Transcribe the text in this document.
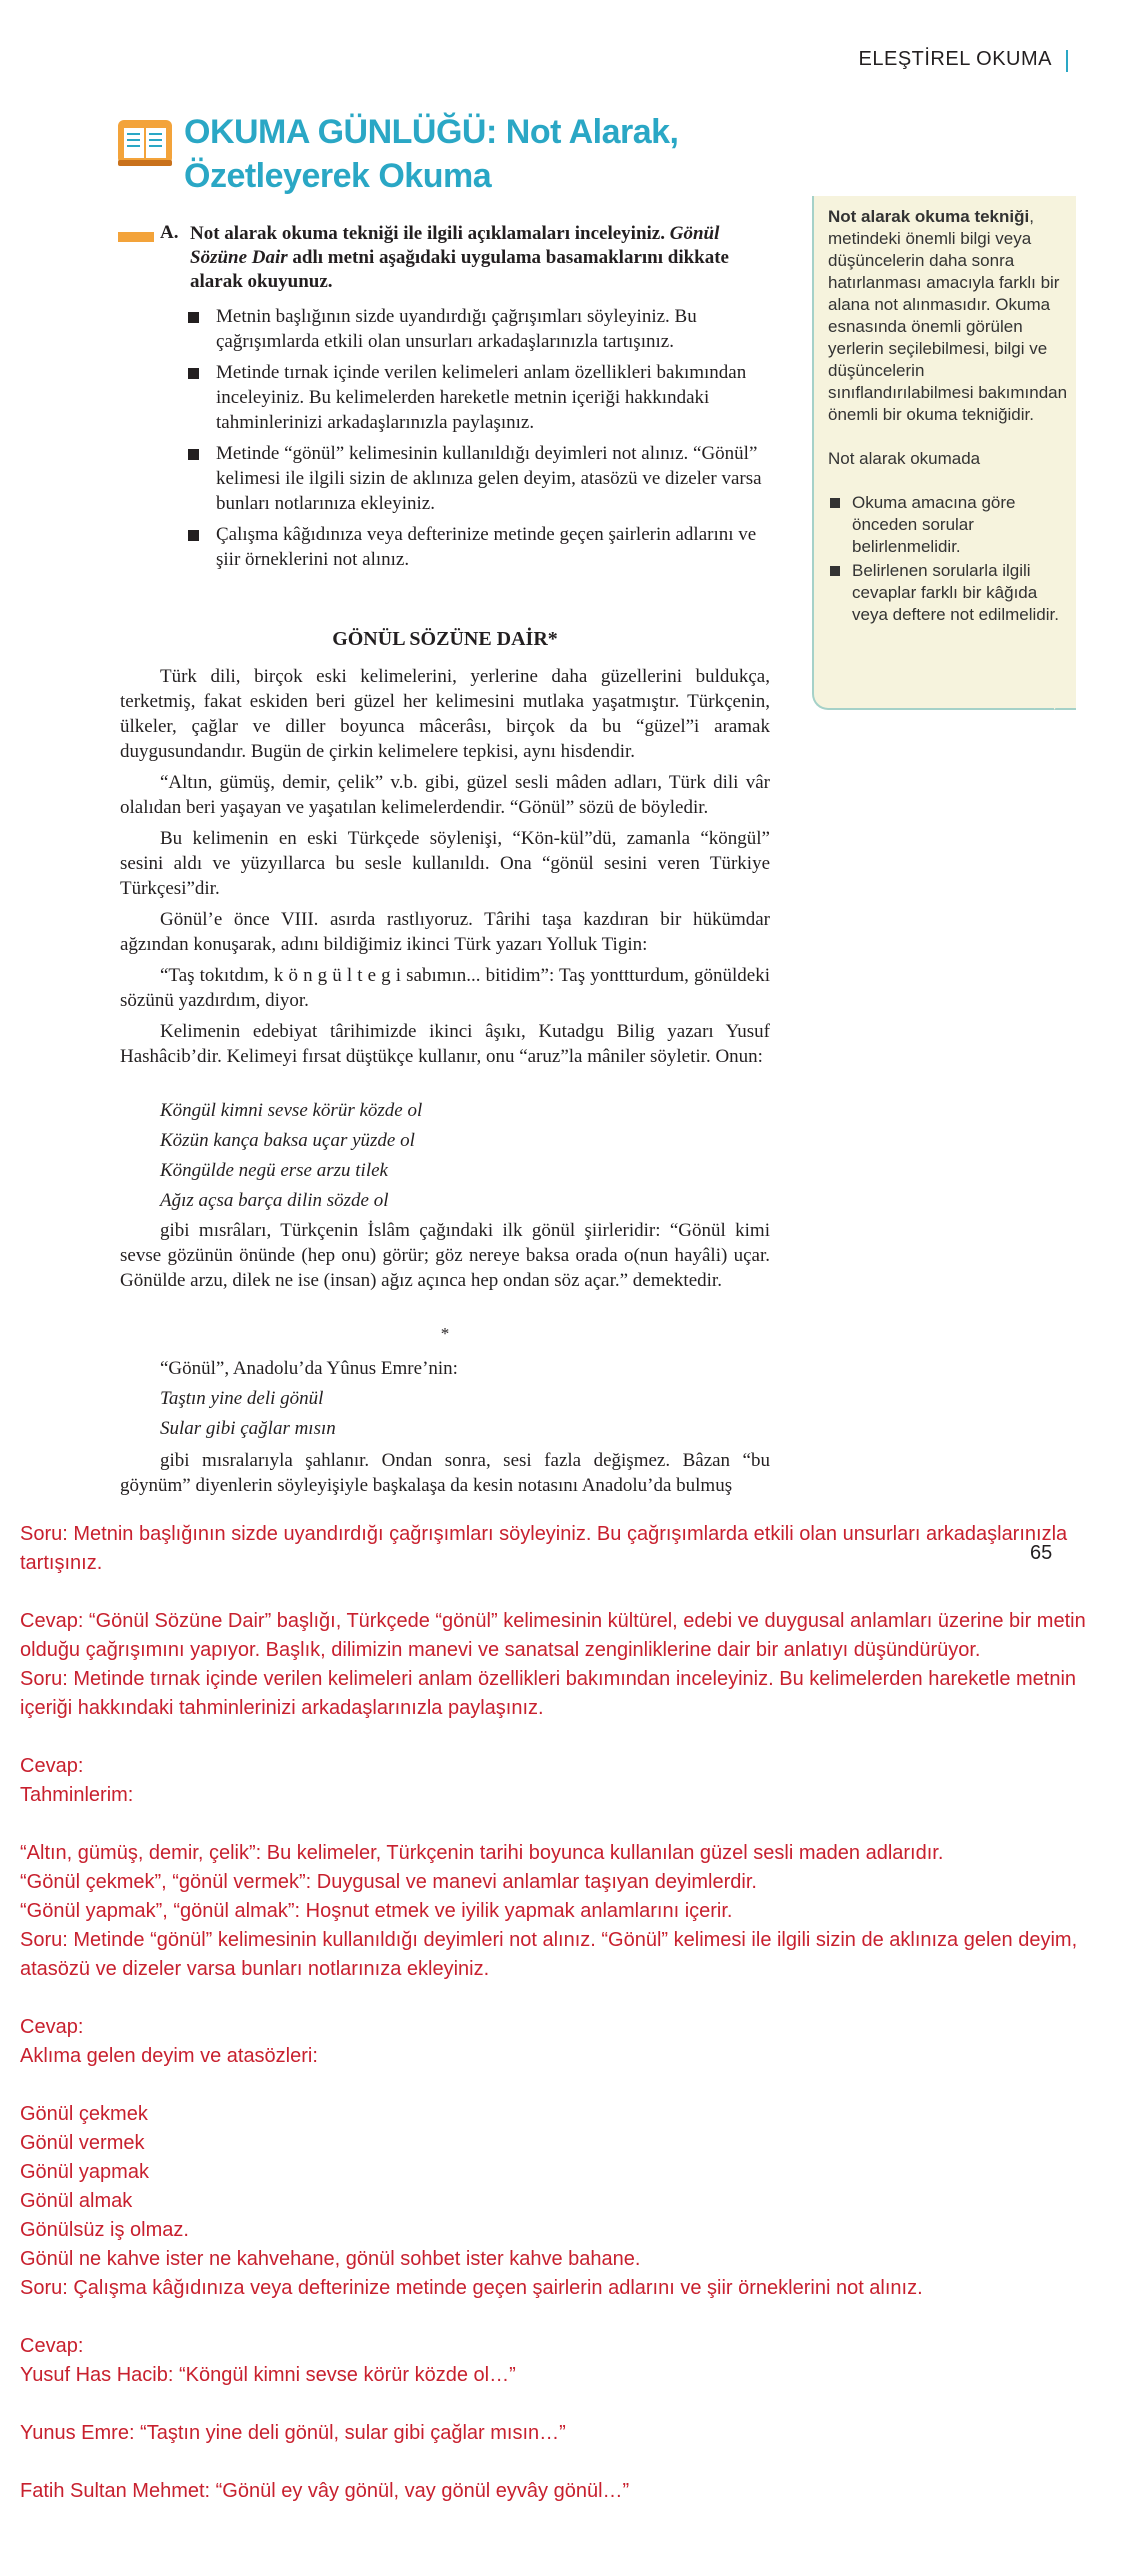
ELEŞTİREL OKUMA
OKUMA GÜNLÜĞÜ: Not Alarak, Özetleyerek Okuma
A. Not alarak okuma tekniği ile ilgili açıklamaları inceleyiniz. Gönül Sözüne Dair adlı metni aşağıdaki uygulama basamaklarını dikkate alarak okuyunuz.
Metnin başlığının sizde uyandırdığı çağrışımları söyleyiniz. Bu çağrışımlarda etkili olan unsurları arkadaşlarınızla tartışınız.
Metinde tırnak içinde verilen kelimeleri anlam özellikleri bakımından inceleyiniz. Bu kelimelerden hareketle metnin içeriği hakkındaki tahminlerinizi arkadaşlarınızla paylaşınız.
Metinde “gönül” kelimesinin kullanıldığı deyimleri not alınız. “Gönül” kelimesi ile ilgili sizin de aklınıza gelen deyim, atasözü ve dizeler varsa bunları notlarınıza ekleyiniz.
Çalışma kâğıdınıza veya defterinize metinde geçen şairlerin adlarını ve şiir örneklerini not alınız.

Not alarak okuma tekniği, metindeki önemli bilgi veya düşüncelerin daha sonra hatırlanması amacıyla farklı bir alana not alınmasıdır. Okuma esnasında önemli görülen yerlerin seçilebilmesi, bilgi ve düşüncelerin sınıflandırılabilmesi bakımından önemli bir okuma tekniğidir.

Not alarak okumada

Okuma amacına göre önceden sorular belirlenmelidir.
Belirlenen sorularla ilgili cevaplar farklı bir kâğıda veya deftere not edilmelidir.
GÖNÜL SÖZÜNE DAİR*

Türk dili, birçok eski kelimelerini, yerlerine daha güzellerini buldukça, terketmiş, fakat eskiden beri güzel her kelimesini mutlaka yaşatmıştır. Türkçenin, ülkeler, çağlar ve diller boyunca mâcerâsı, birçok da bu “güzel”i aramak duygusundandır. Bugün de çirkin kelimelere tepkisi, aynı hisdendir.

“Altın, gümüş, demir, çelik” v.b. gibi, güzel sesli mâden adları, Türk dili vâr olalıdan beri yaşayan ve yaşatılan kelimelerdendir. “Gönül” sözü de böyledir.

Bu kelimenin en eski Türkçede söylenişi, “Kön-kül”dü, zamanla “köngül” sesini aldı ve yüzyıllarca bu sesle kullanıldı. Ona “gönül sesini veren Türkiye Türkçesi”dir.

Gönül’e önce VIII. asırda rastlıyoruz. Târihi taşa kazdıran bir hükümdar ağzından konuşarak, adını bildiğimiz ikinci Türk yazarı Yolluk Tigin:

“Taş tokıtdım, k ö n g ü l t e g i sabımın... bitidim”: Taş yonttturdum, gönüldeki sözünü yazdırdım, diyor.

Kelimenin edebiyat târihimizde ikinci âşıkı, Kutadgu Bilig yazarı Yusuf Hashâcib’dir. Kelimeyi fırsat düştükçe kullanır, onu “aruz”la mâniler söyletir. Onun:

Köngül kimni sevse körür közde ol
Közün kança baksa uçar yüzde ol
Köngülde negü erse arzu tilek
Ağız açsa barça dilin sözde ol

gibi mısrâları, Türkçenin İslâm çağındaki ilk gönül şiirleridir: “Gönül kimi sevse gözünün önünde (hep onu) görür; göz nereye baksa orada o(nun hayâli) uçar. Gönülde arzu, dilek ne ise (insan) ağız açınca hep ondan söz açar.” demektedir.

*

“Gönül”, Anadolu’da Yûnus Emre’nin:

Taştın yine deli gönül
Sular gibi çağlar mısın

gibi mısralarıyla şahlanır. Ondan sonra, sesi fazla değişmez. Bâzan “bu göynüm” diyenlerin söyleyişiyle başkalaşa da kesin notasını Anadolu’da bulmuş

65
Soru: Metnin başlığının sizde uyandırdığı çağrışımları söyleyiniz. Bu çağrışımlarda etkili olan unsurları arkadaşlarınızla tartışınız.
Cevap: “Gönül Sözüne Dair” başlığı, Türkçede “gönül” kelimesinin kültürel, edebi ve duygusal anlamları üzerine bir metin olduğu çağrışımını yapıyor. Başlık, dilimizin manevi ve sanatsal zenginliklerine dair bir anlatıyı düşündürüyor.
Soru: Metinde tırnak içinde verilen kelimeleri anlam özellikleri bakımından inceleyiniz. Bu kelimelerden hareketle metnin içeriği hakkındaki tahminlerinizi arkadaşlarınızla paylaşınız.
Cevap:
Tahminlerim:
“Altın, gümüş, demir, çelik”: Bu kelimeler, Türkçenin tarihi boyunca kullanılan güzel sesli maden adlarıdır.
“Gönül çekmek”, “gönül vermek”: Duygusal ve manevi anlamlar taşıyan deyimlerdir.
“Gönül yapmak”, “gönül almak”: Hoşnut etmek ve iyilik yapmak anlamlarını içerir.
Soru: Metinde “gönül” kelimesinin kullanıldığı deyimleri not alınız. “Gönül” kelimesi ile ilgili sizin de aklınıza gelen deyim, atasözü ve dizeler varsa bunları notlarınıza ekleyiniz.
Cevap:
Aklıma gelen deyim ve atasözleri:
Gönül çekmek
Gönül vermek
Gönül yapmak
Gönül almak
Gönülsüz iş olmaz.
Gönül ne kahve ister ne kahvehane, gönül sohbet ister kahve bahane.
Soru: Çalışma kâğıdınıza veya defterinize metinde geçen şairlerin adlarını ve şiir örneklerini not alınız.
Cevap:
Yusuf Has Hacib: “Köngül kimni sevse körür közde ol…”
Yunus Emre: “Taştın yine deli gönül, sular gibi çağlar mısın…”
Fatih Sultan Mehmet: “Gönül ey vây gönül, vay gönül eyvây gönül…”
